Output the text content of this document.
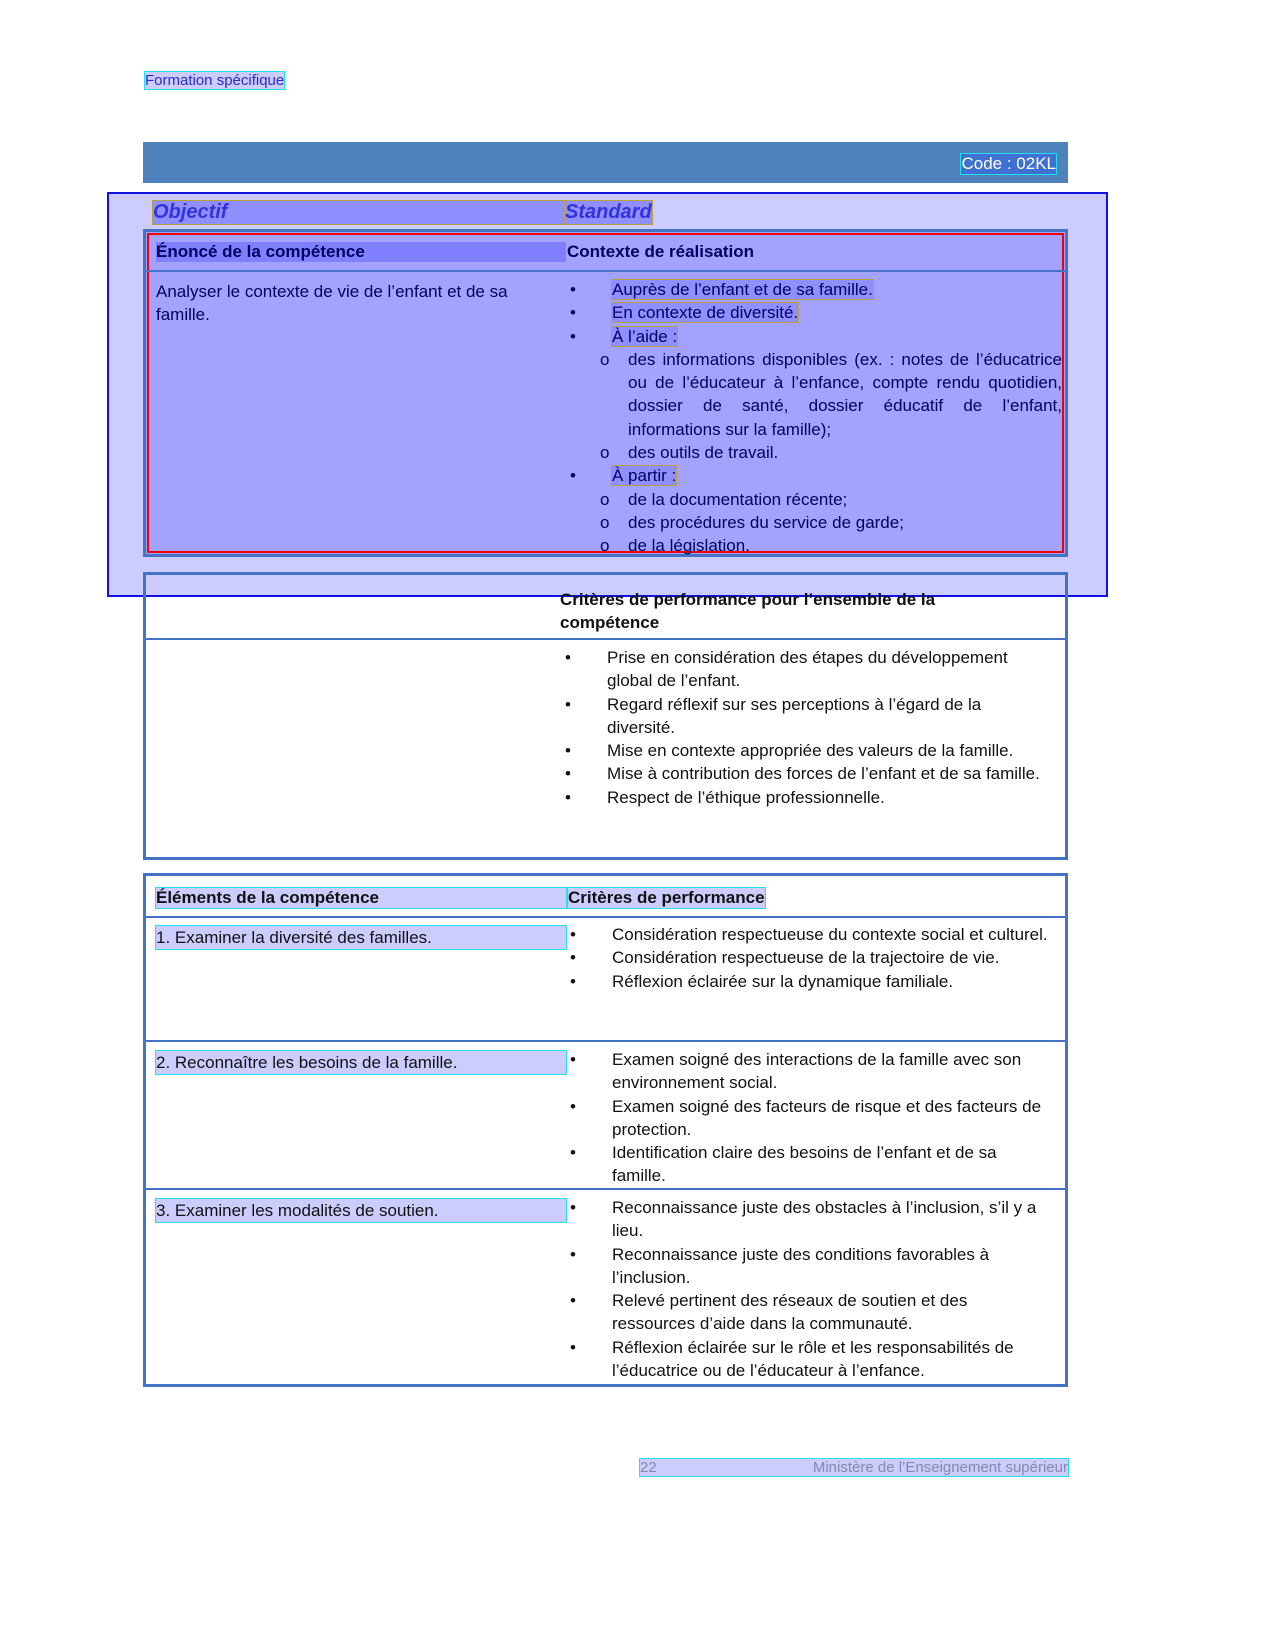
Formation spécifique
Code : 02KL
Objectif	Standard
Énoncé de la compétence	Contexte de réalisation
Analyser le contexte de vie de l’enfant et de sa famille.
• Auprès de l’enfant et de sa famille.
• En contexte de diversité.
• À l’aide :
o des informations disponibles (ex. : notes de l’éducatrice ou de l’éducateur à l’enfance, compte rendu quotidien, dossier de santé, dossier éducatif de l’enfant, informations sur la famille);
o des outils de travail.
• À partir :
o de la documentation récente;
o des procédures du service de garde;
o de la législation.
Critères de performance pour l’ensemble de la compétence
• Prise en considération des étapes du développement global de l’enfant.
• Regard réflexif sur ses perceptions à l’égard de la diversité.
• Mise en contexte appropriée des valeurs de la famille.
• Mise à contribution des forces de l’enfant et de sa famille.
• Respect de l’éthique professionnelle.
Éléments de la compétence	Critères de performance
1. Examiner la diversité des familles.	• Considération respectueuse du contexte social et culturel.
• Considération respectueuse de la trajectoire de vie.
• Réflexion éclairée sur la dynamique familiale.
2. Reconnaître les besoins de la famille.	• Examen soigné des interactions de la famille avec son environnement social.
• Examen soigné des facteurs de risque et des facteurs de protection.
• Identification claire des besoins de l’enfant et de sa famille.
3. Examiner les modalités de soutien.	• Reconnaissance juste des obstacles à l’inclusion, s’il y a lieu.
• Reconnaissance juste des conditions favorables à l’inclusion.
• Relevé pertinent des réseaux de soutien et des ressources d’aide dans la communauté.
• Réflexion éclairée sur le rôle et les responsabilités de l’éducatrice ou de l’éducateur à l’enfance.
22	Ministère de l’Enseignement supérieur
